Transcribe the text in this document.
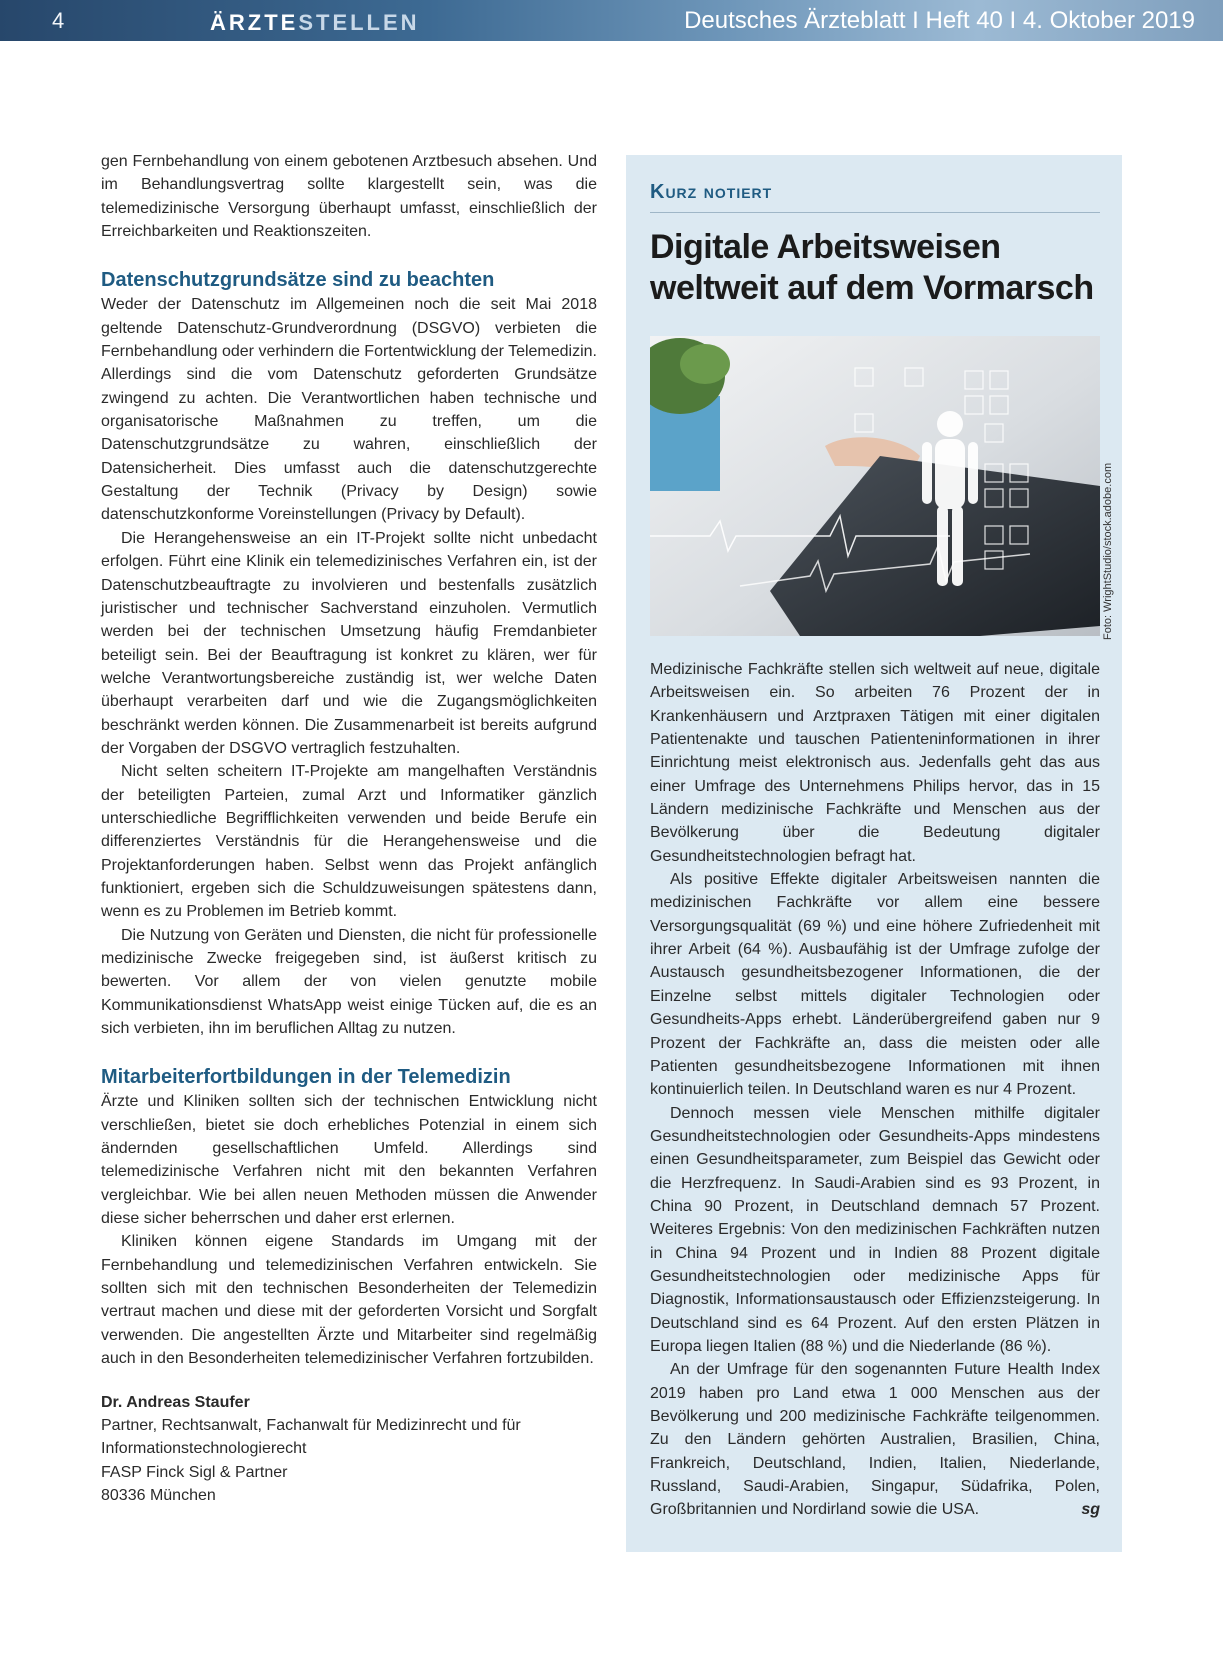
4	ÄRZTESTELLEN	Deutsches Ärzteblatt I Heft 40 I 4. Oktober 2019

gen Fernbehandlung von einem gebotenen Arztbesuch absehen. Und im Behandlungsvertrag sollte klargestellt sein, was die telemedizinische Versorgung überhaupt umfasst, einschließlich der Erreichbarkeiten und Reaktionszeiten.

Datenschutzgrundsätze sind zu beachten

Weder der Datenschutz im Allgemeinen noch die seit Mai 2018 geltende Datenschutz-Grundverordnung (DSGVO) verbieten die Fernbehandlung oder verhindern die Fortentwicklung der Telemedizin. Allerdings sind die vom Datenschutz geforderten Grundsätze zwingend zu achten. Die Verantwortlichen haben technische und organisatorische Maßnahmen zu treffen, um die Datenschutzgrundsätze zu wahren, einschließlich der Datensicherheit. Dies umfasst auch die datenschutzgerechte Gestaltung der Technik (Privacy by Design) sowie datenschutzkonforme Voreinstellungen (Privacy by Default).

Die Herangehensweise an ein IT-Projekt sollte nicht unbedacht erfolgen. Führt eine Klinik ein telemedizinisches Verfahren ein, ist der Datenschutzbeauftragte zu involvieren und bestenfalls zusätzlich juristischer und technischer Sachverstand einzuholen. Vermutlich werden bei der technischen Umsetzung häufig Fremdanbieter beteiligt sein. Bei der Beauftragung ist konkret zu klären, wer für welche Verantwortungsbereiche zuständig ist, wer welche Daten überhaupt verarbeiten darf und wie die Zugangsmöglichkeiten beschränkt werden können. Die Zusammenarbeit ist bereits aufgrund der Vorgaben der DSGVO vertraglich festzuhalten.

Nicht selten scheitern IT-Projekte am mangelhaften Verständnis der beteiligten Parteien, zumal Arzt und Informatiker gänzlich unterschiedliche Begrifflichkeiten verwenden und beide Berufe ein differenziertes Verständnis für die Herangehensweise und die Projektanforderungen haben. Selbst wenn das Projekt anfänglich funktioniert, ergeben sich die Schuldzuweisungen spätestens dann, wenn es zu Problemen im Betrieb kommt.

Die Nutzung von Geräten und Diensten, die nicht für professionelle medizinische Zwecke freigegeben sind, ist äußerst kritisch zu bewerten. Vor allem der von vielen genutzte mobile Kommunikationsdienst WhatsApp weist einige Tücken auf, die es an sich verbieten, ihn im beruflichen Alltag zu nutzen.

Mitarbeiterfortbildungen in der Telemedizin

Ärzte und Kliniken sollten sich der technischen Entwicklung nicht verschließen, bietet sie doch erhebliches Potenzial in einem sich ändernden gesellschaftlichen Umfeld. Allerdings sind telemedizinische Verfahren nicht mit den bekannten Verfahren vergleichbar. Wie bei allen neuen Methoden müssen die Anwender diese sicher beherrschen und daher erst erlernen.

Kliniken können eigene Standards im Umgang mit der Fernbehandlung und telemedizinischen Verfahren entwickeln. Sie sollten sich mit den technischen Besonderheiten der Telemedizin vertraut machen und diese mit der geforderten Vorsicht und Sorgfalt verwenden. Die angestellten Ärzte und Mitarbeiter sind regelmäßig auch in den Besonderheiten telemedizinischer Verfahren fortzubilden.

Dr. Andreas Staufer
Partner, Rechtsanwalt, Fachanwalt für Medizinrecht und für
Informationstechnologierecht
FASP Finck Sigl & Partner
80336 München
Kurz notiert
Digitale Arbeitsweisen
weltweit auf dem Vormarsch
Foto: WrightStudio/stock.adobe.com

Medizinische Fachkräfte stellen sich weltweit auf neue, digitale Arbeitsweisen ein. So arbeiten 76 Prozent der in Krankenhäusern und Arztpraxen Tätigen mit einer digitalen Patientenakte und tauschen Patienteninformationen in ihrer Einrichtung meist elektronisch aus. Jedenfalls geht das aus einer Umfrage des Unternehmens Philips hervor, das in 15 Ländern medizinische Fachkräfte und Menschen aus der Bevölkerung über die Bedeutung digitaler Gesundheitstechnologien befragt hat.

Als positive Effekte digitaler Arbeitsweisen nannten die medizinischen Fachkräfte vor allem eine bessere Versorgungsqualität (69 %) und eine höhere Zufriedenheit mit ihrer Arbeit (64 %). Ausbaufähig ist der Umfrage zufolge der Austausch gesundheitsbezogener Informationen, die der Einzelne selbst mittels digitaler Technologien oder Gesundheits-Apps erhebt. Länderübergreifend gaben nur 9 Prozent der Fachkräfte an, dass die meisten oder alle Patienten gesundheitsbezogene Informationen mit ihnen kontinuierlich teilen. In Deutschland waren es nur 4 Prozent.

Dennoch messen viele Menschen mithilfe digitaler Gesundheitstechnologien oder Gesundheits-Apps mindestens einen Gesundheitsparameter, zum Beispiel das Gewicht oder die Herzfrequenz. In Saudi-Arabien sind es 93 Prozent, in China 90 Prozent, in Deutschland demnach 57 Prozent. Weiteres Ergebnis: Von den medizinischen Fachkräften nutzen in China 94 Prozent und in Indien 88 Prozent digitale Gesundheitstechnologien oder medizinische Apps für Diagnostik, Informationsaustausch oder Effizienzsteigerung. In Deutschland sind es 64 Prozent. Auf den ersten Plätzen in Europa liegen Italien (88 %) und die Niederlande (86 %).

An der Umfrage für den sogenannten Future Health Index 2019 haben pro Land etwa 1 000 Menschen aus der Bevölkerung und 200 medizinische Fachkräfte teilgenommen. Zu den Ländern gehörten Australien, Brasilien, China, Frankreich, Deutschland, Indien, Italien, Niederlande, Russland, Saudi-Arabien, Singapur, Südafrika, Polen, Großbritannien und Nordirland sowie die USA.	sg
